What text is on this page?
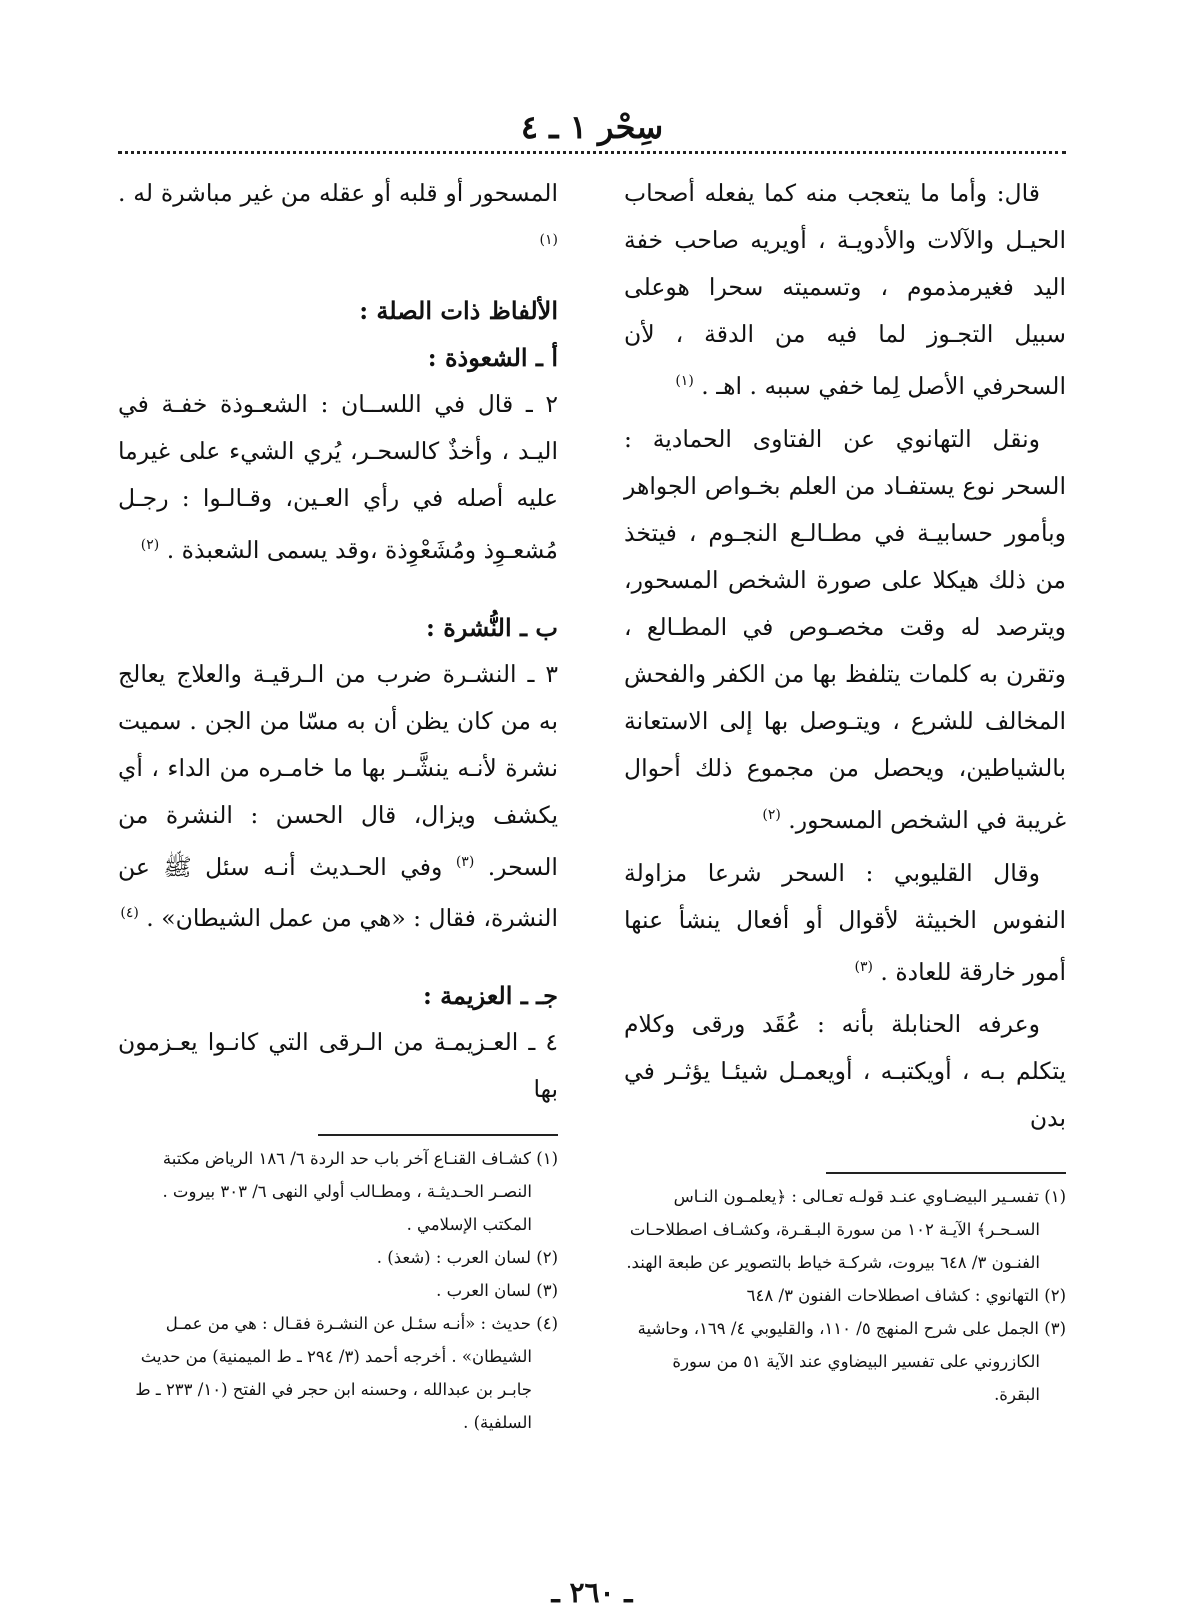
سِحْر ١ ـ ٤

قال: وأما ما يتعجب منه كما يفعله أصحاب الحيـل والآلات والأدويـة ، أويريه صاحب خفة اليد فغيرمذموم ، وتسميته سحرا هوعلى سبيل التجـوز لما فيه من الدقة ، لأن السحرفي الأصل لِما خفي سببه . اهـ . $^{(١)}$

ونقل التهانوي عن الفتاوى الحمادية : السحر نوع يستفـاد من العلم بخـواص الجواهر وبأمور حسابيـة في مطـالـع النجـوم ، فيتخذ من ذلك هيكلا على صورة الشخص المسحور، ويترصد له وقت مخصـوص في المطـالع ، وتقرن به كلمات يتلفظ بها من الكفر والفحش المخالف للشرع ، ويتـوصل بها إلى الاستعانة بالشياطين، ويحصل من مجموع ذلك أحوال غريبة في الشخص المسحور. $^{(٢)}$

وقال القليوبي : السحر شرعا مزاولة النفوس الخبيثة لأقوال أو أفعال ينشأ عنها أمور خارقة للعادة . $^{(٣)}$

وعرفه الحنابلة بأنه : عُقَد ورقى وكلام يتكلم بـه ، أويكتبـه ، أويعمـل شيئـا يؤثـر في بدن

المسحور أو قلبه أو عقله من غير مباشرة له . $^{(١)}$

الألفاظ ذات الصلة :
أ ـ الشعوذة :

٢ ـ قال في اللســان : الشعـوذة خفـة في اليـد ، وأخذٌ كالسحـر، يُري الشيء على غيرما عليه أصله في رأي العـين، وقـالـوا : رجـل مُشعـوِذ ومُشَعْوِذة ،وقد يسمى الشعبذة . $^{(٢)}$

ب ـ النُّشرة :

٣ ـ النشـرة ضرب من الـرقيـة والعلاج يعالج به من كان يظن أن به مسّا من الجن . سميت نشرة لأنـه ينشَّـر بها ما خامـره من الداء ، أي يكشف ويزال، قال الحسن : النشرة من السحر. $^{(٣)}$ وفي الحـديث أنـه سئل ﷺ عن النشرة، فقال : «هي من عمل الشيطان» . $^{(٤)}$

جـ ـ العزيمة :

٤ ـ العـزيمـة من الـرقى التي كانـوا يعـزمون بها

(١) تفسـير البيضـاوي عنـد قولـه تعـالى : ﴿يعلمـون النـاس السـحـر﴾ الآيـة ١٠٢ من سورة البـقـرة، وكشـاف اصطلاحـات الفنـون ٣/ ٦٤٨ بيروت، شركـة خياط بالتصوير عن طبعة الهند.

(٢) التهانوي : كشاف اصطلاحات الفنون ٣/ ٦٤٨

(٣) الجمل على شرح المنهج ٥/ ١١٠، والقليوبي ٤/ ١٦٩، وحاشية الكازروني على تفسير البيضاوي عند الآية ٥١ من سورة البقرة.

(١) كشـاف القنـاع آخر باب حد الردة ٦/ ١٨٦ الرياض مكتبة النصـر الحـديثـة ، ومطـالب أولي النهى ٦/ ٣٠٣ بيروت . المكتب الإسلامي .

(٢) لسان العرب : (شعذ) .

(٣) لسان العرب .

(٤) حديث : «أنـه سئـل عن النشـرة فقـال : هي من عمـل الشيطان» . أخرجه أحمد (٣/ ٢٩٤ ـ ط الميمنية) من حديث جابـر بن عبدالله ، وحسنه ابن حجر في الفتح (١٠/ ٢٣٣ ـ ط السلفية) .

ـ ٢٦٠ ـ
